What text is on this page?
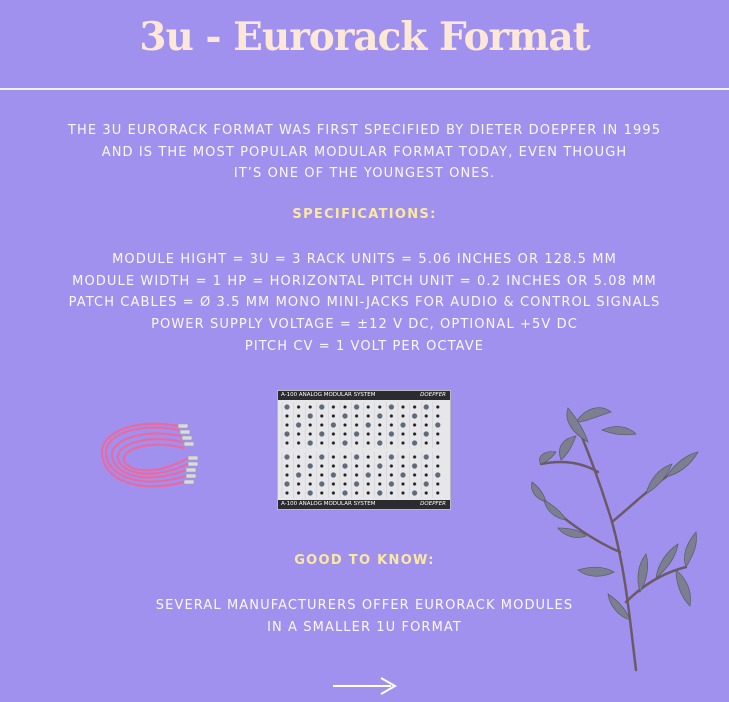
3u - Eurorack Format
THE 3U EURORACK FORMAT WAS FIRST SPECIFIED BY DIETER DOEPFER IN 1995
AND IS THE MOST POPULAR MODULAR FORMAT TODAY, EVEN THOUGH
IT’S ONE OF THE YOUNGEST ONES.
SPECIFICATIONS:
MODULE HIGHT = 3U = 3 RACK UNITS = 5.06 INCHES OR 128.5 MM
MODULE WIDTH = 1 HP = HORIZONTAL PITCH UNIT = 0.2 INCHES OR 5.08 MM
PATCH CABLES = Ø 3.5 MM MONO MINI-JACKS FOR AUDIO & CONTROL SIGNALS
POWER SUPPLY VOLTAGE = ±12 V DC, OPTIONAL +5V DC
PITCH CV = 1 VOLT PER OCTAVE
A-100 ANALOG MODULAR SYSTEM	DOEPFER
A-100 ANALOG MODULAR SYSTEM	DOEPFER
GOOD TO KNOW:
SEVERAL MANUFACTURERS OFFER EURORACK MODULES
IN A SMALLER 1U FORMAT
